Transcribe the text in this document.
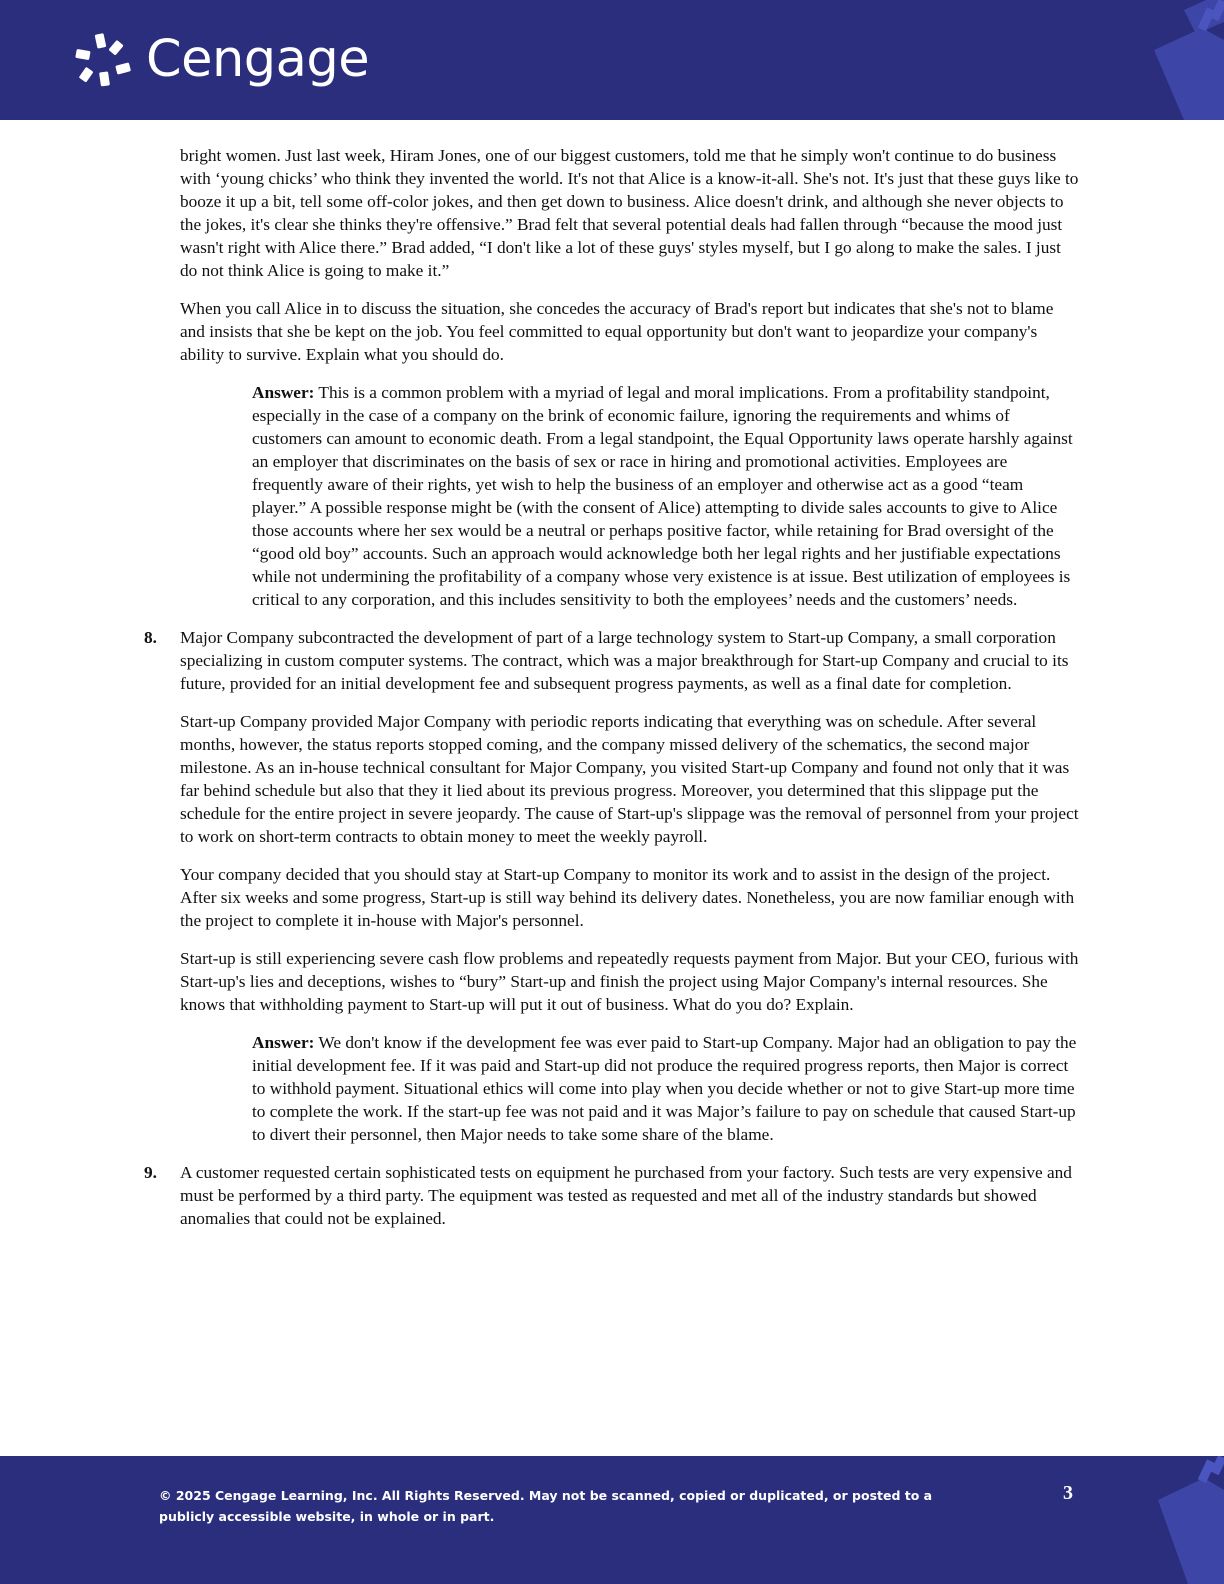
Cengage

bright women. Just last week, Hiram Jones, one of our biggest customers, told me that he simply won't continue to do business with ‘young chicks’ who think they invented the world. It's not that Alice is a know-it-all. She's not. It's just that these guys like to booze it up a bit, tell some off-color jokes, and then get down to business. Alice doesn't drink, and although she never objects to the jokes, it's clear she thinks they're offensive.” Brad felt that several potential deals had fallen through “because the mood just wasn't right with Alice there.” Brad added, “I don't like a lot of these guys' styles myself, but I go along to make the sales. I just do not think Alice is going to make it.”

When you call Alice in to discuss the situation, she concedes the accuracy of Brad's report but indicates that she's not to blame and insists that she be kept on the job. You feel committed to equal opportunity but don't want to jeopardize your company's ability to survive. Explain what you should do.

Answer: This is a common problem with a myriad of legal and moral implications. From a profitability standpoint, especially in the case of a company on the brink of economic failure, ignoring the requirements and whims of customers can amount to economic death. From a legal standpoint, the Equal Opportunity laws operate harshly against an employer that discriminates on the basis of sex or race in hiring and promotional activities. Employees are frequently aware of their rights, yet wish to help the business of an employer and otherwise act as a good “team player.” A possible response might be (with the consent of Alice) attempting to divide sales accounts to give to Alice those accounts where her sex would be a neutral or perhaps positive factor, while retaining for Brad oversight of the “good old boy” accounts. Such an approach would acknowledge both her legal rights and her justifiable expectations while not undermining the profitability of a company whose very existence is at issue. Best utilization of employees is critical to any corporation, and this includes sensitivity to both the employees’ needs and the customers’ needs.

8. Major Company subcontracted the development of part of a large technology system to Start-up Company, a small corporation specializing in custom computer systems. The contract, which was a major breakthrough for Start-up Company and crucial to its future, provided for an initial development fee and subsequent progress payments, as well as a final date for completion.

Start-up Company provided Major Company with periodic reports indicating that everything was on schedule. After several months, however, the status reports stopped coming, and the company missed delivery of the schematics, the second major milestone. As an in-house technical consultant for Major Company, you visited Start-up Company and found not only that it was far behind schedule but also that they it lied about its previous progress. Moreover, you determined that this slippage put the schedule for the entire project in severe jeopardy. The cause of Start-up's slippage was the removal of personnel from your project to work on short-term contracts to obtain money to meet the weekly payroll.

Your company decided that you should stay at Start-up Company to monitor its work and to assist in the design of the project. After six weeks and some progress, Start-up is still way behind its delivery dates. Nonetheless, you are now familiar enough with the project to complete it in-house with Major's personnel.

Start-up is still experiencing severe cash flow problems and repeatedly requests payment from Major. But your CEO, furious with Start-up's lies and deceptions, wishes to “bury” Start-up and finish the project using Major Company's internal resources. She knows that withholding payment to Start-up will put it out of business. What do you do? Explain.

Answer: We don't know if the development fee was ever paid to Start-up Company. Major had an obligation to pay the initial development fee. If it was paid and Start-up did not produce the required progress reports, then Major is correct to withhold payment. Situational ethics will come into play when you decide whether or not to give Start-up more time to complete the work. If the start-up fee was not paid and it was Major’s failure to pay on schedule that caused Start-up to divert their personnel, then Major needs to take some share of the blame.

9. A customer requested certain sophisticated tests on equipment he purchased from your factory. Such tests are very expensive and must be performed by a third party. The equipment was tested as requested and met all of the industry standards but showed anomalies that could not be explained.

© 2025 Cengage Learning, Inc. All Rights Reserved. May not be scanned, copied or duplicated, or posted to a publicly accessible website, in whole or in part.
3
